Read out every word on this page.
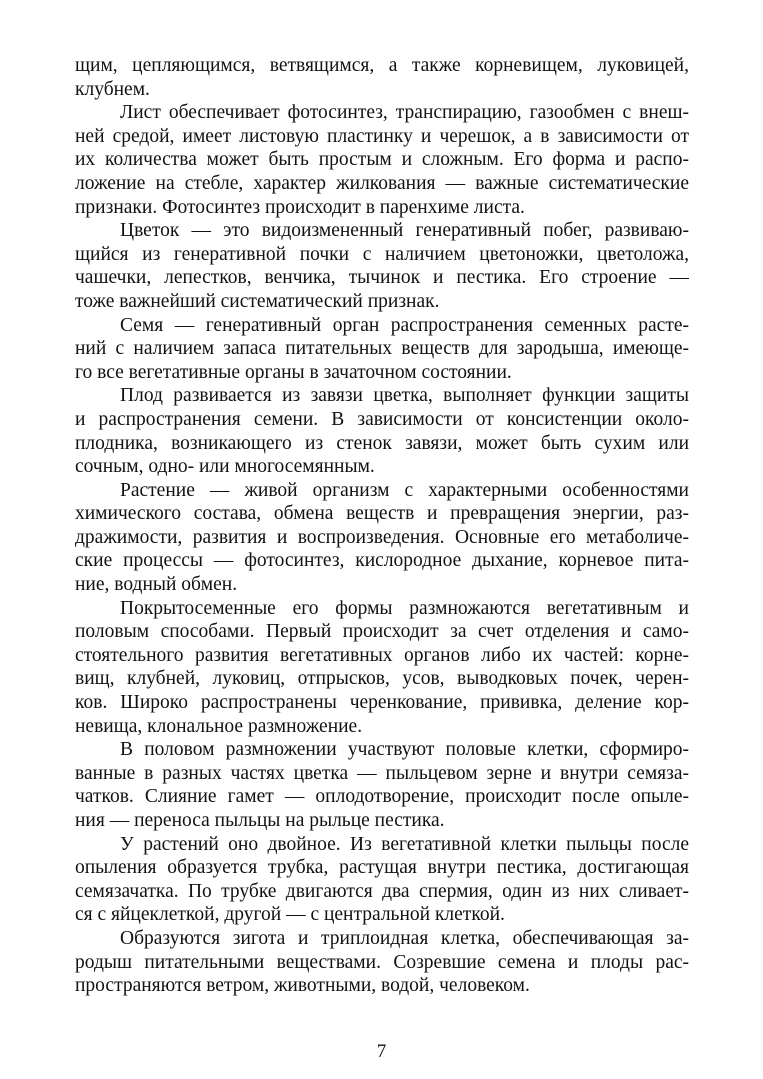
щим, цепляющимся, ветвящимся, а также корневищем, луковицей,
клубнем.
Лист обеспечивает фотосинтез, транспирацию, газообмен с внеш-
ней средой, имеет листовую пластинку и черешок, а в зависимости от
их количества может быть простым и сложным. Его форма и распо-
ложение на стебле, характер жилкования — важные систематические
признаки. Фотосинтез происходит в паренхиме листа.
Цветок — это видоизмененный генеративный побег, развиваю-
щийся из генеративной почки с наличием цветоножки, цветоложа,
чашечки, лепестков, венчика, тычинок и пестика. Его строение —
тоже важнейший систематический признак.
Семя — генеративный орган распространения семенных расте-
ний с наличием запаса питательных веществ для зародыша, имеюще-
го все вегетативные органы в зачаточном состоянии.
Плод развивается из завязи цветка, выполняет функции защиты
и распространения семени. В зависимости от консистенции около-
плодника, возникающего из стенок завязи, может быть сухим или
сочным, одно- или многосемянным.
Растение — живой организм с характерными особенностями
химического состава, обмена веществ и превращения энергии, раз-
дражимости, развития и воспроизведения. Основные его метаболиче-
ские процессы — фотосинтез, кислородное дыхание, корневое пита-
ние, водный обмен.
Покрытосеменные его формы размножаются вегетативным и
половым способами. Первый происходит за счет отделения и само-
стоятельного развития вегетативных органов либо их частей: корне-
вищ, клубней, луковиц, отпрысков, усов, выводковых почек, черен-
ков. Широко распространены черенкование, прививка, деление кор-
невища, клональное размножение.
В половом размножении участвуют половые клетки, сформиро-
ванные в разных частях цветка — пыльцевом зерне и внутри семяза-
чатков. Слияние гамет — оплодотворение, происходит после опыле-
ния — переноса пыльцы на рыльце пестика.
У растений оно двойное. Из вегетативной клетки пыльцы после
опыления образуется трубка, растущая внутри пестика, достигающая
семязачатка. По трубке двигаются два спермия, один из них сливает-
ся с яйцеклеткой, другой — с центральной клеткой.
Образуются зигота и триплоидная клетка, обеспечивающая за-
родыш питательными веществами. Созревшие семена и плоды рас-
пространяются ветром, животными, водой, человеком.
7
